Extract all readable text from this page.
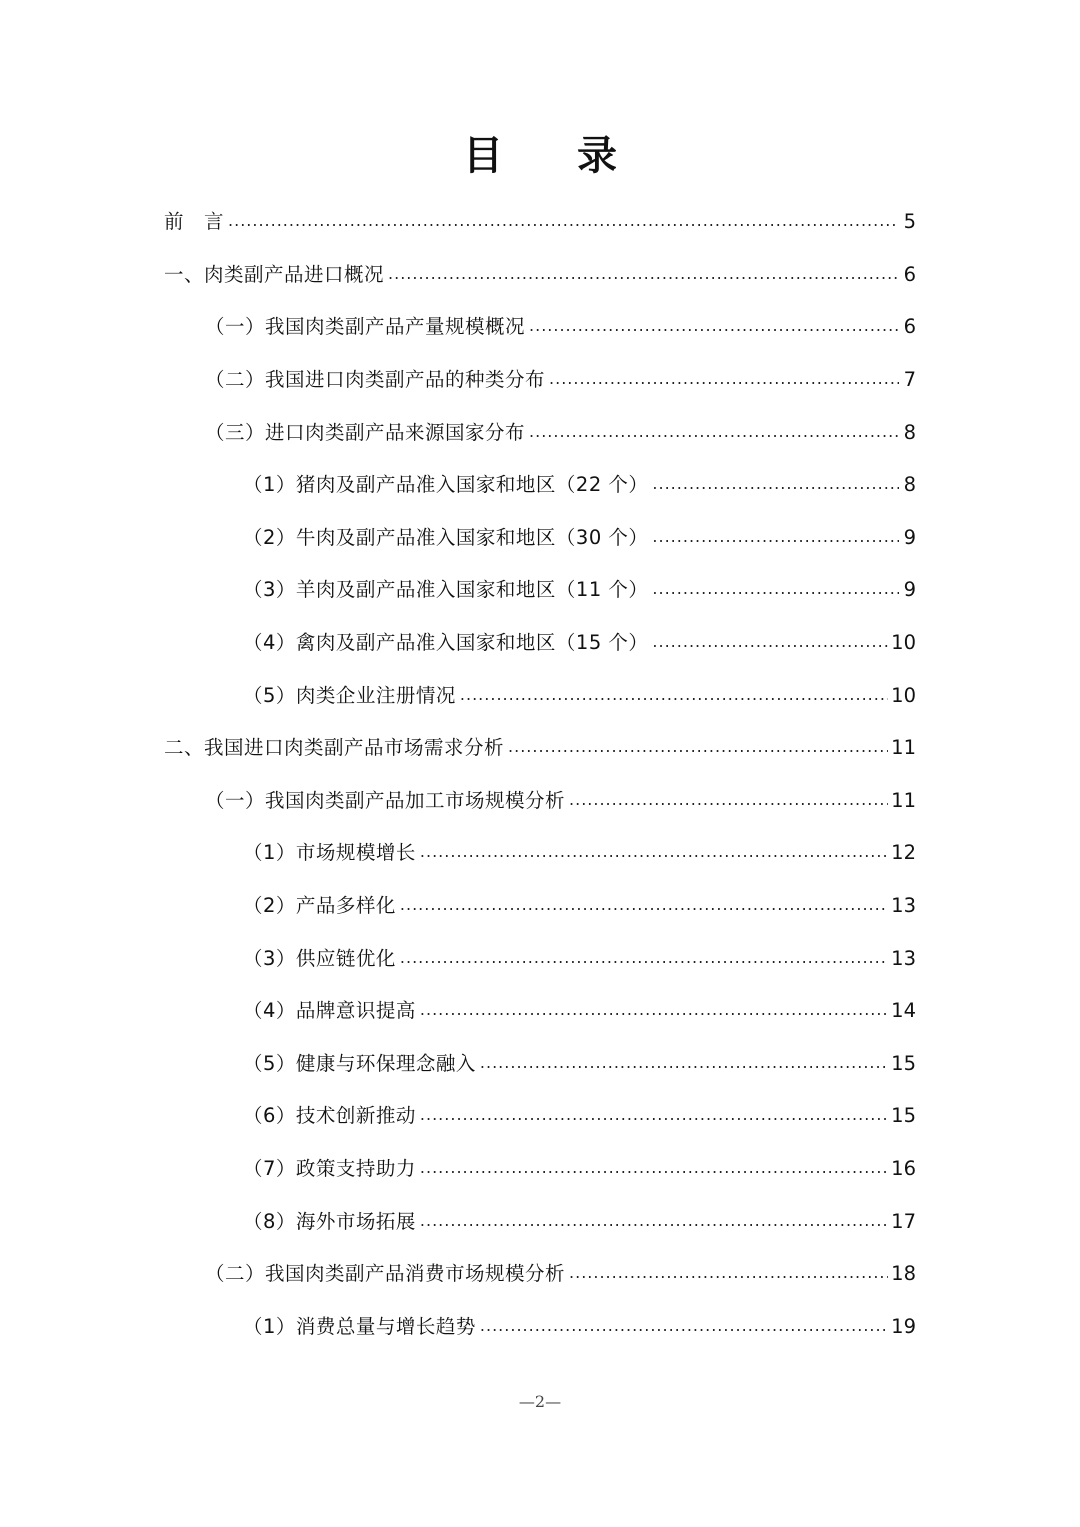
目 录
前　言 .....	5
一、肉类副产品进口概况 .....	6
（一）我国肉类副产品产量规模概况 .....	6
（二）我国进口肉类副产品的种类分布 .....	7
（三）进口肉类副产品来源国家分布 .....	8
（1）猪肉及副产品准入国家和地区（22 个） .....	8
（2）牛肉及副产品准入国家和地区（30 个） .....	9
（3）羊肉及副产品准入国家和地区（11 个） .....	9
（4）禽肉及副产品准入国家和地区（15 个） .....	10
（5）肉类企业注册情况 .....	10
二、我国进口肉类副产品市场需求分析 .....	11
（一）我国肉类副产品加工市场规模分析 .....	11
（1）市场规模增长 .....	12
（2）产品多样化 .....	13
（3）供应链优化 .....	13
（4）品牌意识提高 .....	14
（5）健康与环保理念融入 .....	15
（6）技术创新推动 .....	15
（7）政策支持助力 .....	16
（8）海外市场拓展 .....	17
（二）我国肉类副产品消费市场规模分析 .....	18
（1）消费总量与增长趋势 .....	19
—2—
